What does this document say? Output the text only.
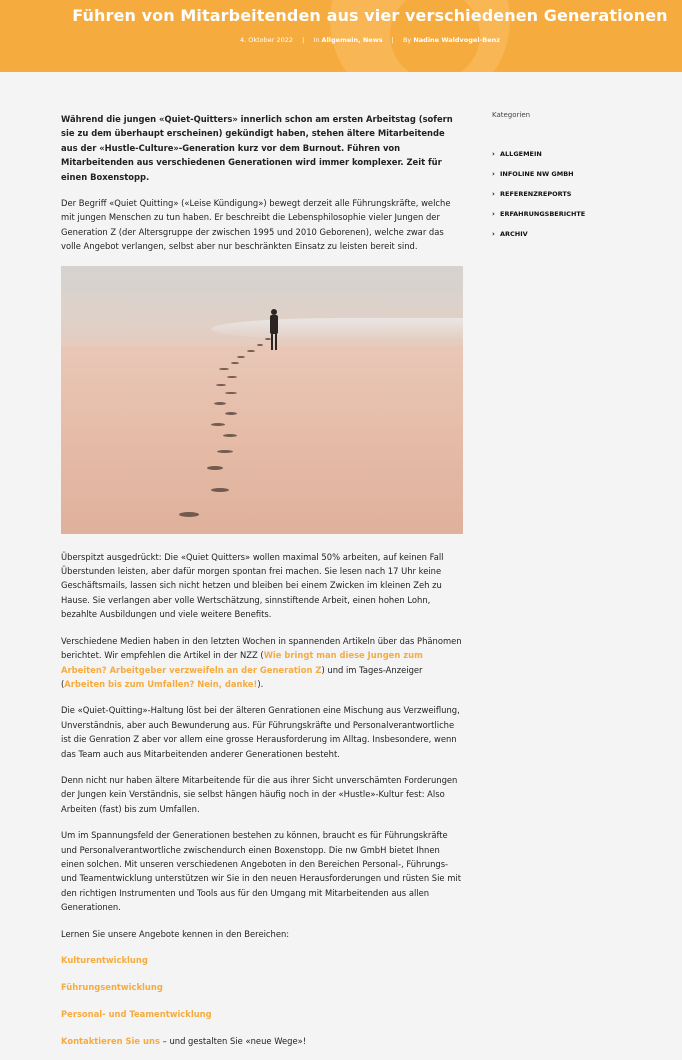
Führen von Mitarbeitenden aus vier verschiedenen Generationen
4. Oktober 2022 | In Allgemein, News | By Nadine Waldvogel-Benz

Während die jungen «Quiet-Quitters» innerlich schon am ersten Arbeitstag (sofern sie zu dem überhaupt erscheinen) gekündigt haben, stehen ältere Mitarbeitende aus der «Hustle-Culture»-Generation kurz vor dem Burnout. Führen von Mitarbeitenden aus verschiedenen Generationen wird immer komplexer. Zeit für einen Boxenstopp.

Der Begriff «Quiet Quitting» («Leise Kündigung») bewegt derzeit alle Führungskräfte, welche mit jungen Menschen zu tun haben. Er beschreibt die Lebensphilosophie vieler Jungen der Generation Z (der Altersgruppe der zwischen 1995 und 2010 Geborenen), welche zwar das volle Angebot verlangen, selbst aber nur beschränkten Einsatz zu leisten bereit sind.

Überspitzt ausgedrückt: Die «Quiet Quitters» wollen maximal 50% arbeiten, auf keinen Fall Überstunden leisten, aber dafür morgen spontan frei machen. Sie lesen nach 17 Uhr keine Geschäftsmails, lassen sich nicht hetzen und bleiben bei einem Zwicken im kleinen Zeh zu Hause. Sie verlangen aber volle Wertschätzung, sinnstiftende Arbeit, einen hohen Lohn, bezahlte Ausbildungen und viele weitere Benefits.

Verschiedene Medien haben in den letzten Wochen in spannenden Artikeln über das Phänomen berichtet. Wir empfehlen die Artikel in der NZZ (Wie bringt man diese Jungen zum Arbeiten? Arbeitgeber verzweifeln an der Generation Z) und im Tages-Anzeiger (Arbeiten bis zum Umfallen? Nein, danke!).

Die «Quiet-Quitting»-Haltung löst bei der älteren Genrationen eine Mischung aus Verzweiflung, Unverständnis, aber auch Bewunderung aus. Für Führungskräfte und Personalverantwortliche ist die Genration Z aber vor allem eine grosse Herausforderung im Alltag. Insbesondere, wenn das Team auch aus Mitarbeitenden anderer Generationen besteht.

Denn nicht nur haben ältere Mitarbeitende für die aus ihrer Sicht unverschämten Forderungen der Jungen kein Verständnis, sie selbst hängen häufig noch in der «Hustle»-Kultur fest: Also Arbeiten (fast) bis zum Umfallen.

Um im Spannungsfeld der Generationen bestehen zu können, braucht es für Führungskräfte und Personalverantwortliche zwischendurch einen Boxenstopp. Die nw GmbH bietet Ihnen einen solchen. Mit unseren verschiedenen Angeboten in den Bereichen Personal-, Führungs- und Teamentwicklung unterstützen wir Sie in den neuen Herausforderungen und rüsten Sie mit den richtigen Instrumenten und Tools aus für den Umgang mit Mitarbeitenden aus allen Generationen.

Lernen Sie unsere Angebote kennen in den Bereichen:

Kulturentwicklung

Führungsentwicklung

Personal- und Teamentwicklung

Kontaktieren Sie uns – und gestalten Sie «neue Wege»!

Kategorien
› ALLGEMEIN
› INFOLINE NW GMBH
› REFERENZREPORTS
› ERFAHRUNGSBERICHTE
› ARCHIV
